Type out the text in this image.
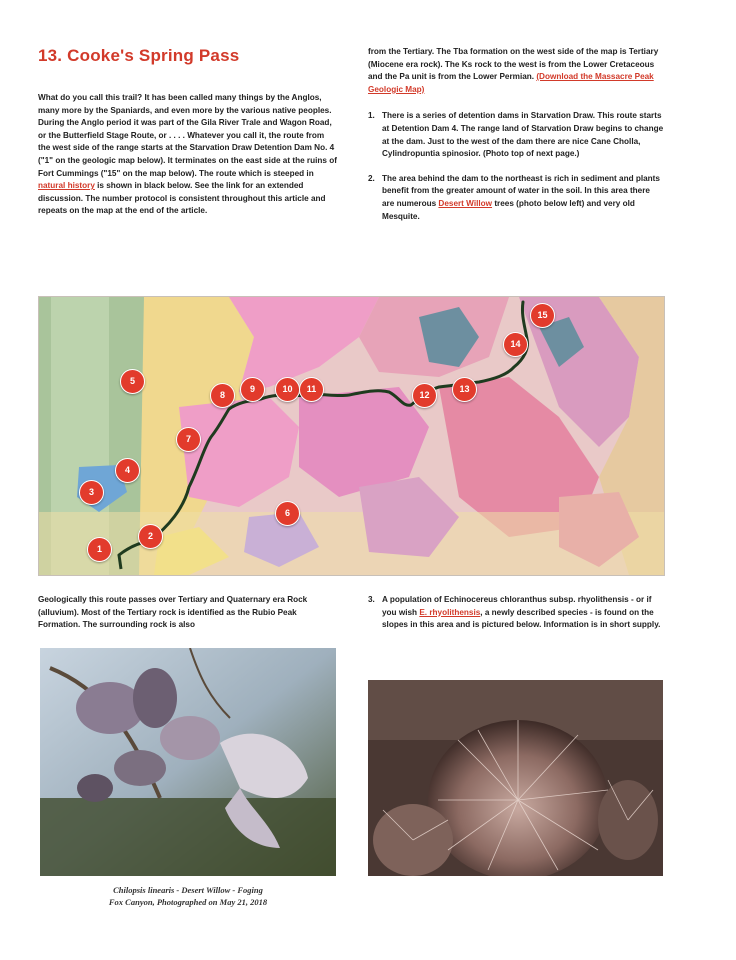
13. Cooke's Spring Pass

What do you call this trail? It has been called many things by the Anglos, many more by the Spaniards, and even more by the various native peoples. During the Anglo period it was part of the Gila River Trale and Wagon Road, or the Butterfield Stage Route, or . . . . Whatever you call it, the route from the west side of the range starts at the Starvation Draw Detention Dam No. 4 ("1" on the geologic map below). It terminates on the east side at the ruins of Fort Cummings ("15" on the map below). The route which is steeped in natural history is shown in black below. See the link for an extended discussion. The number protocol is consistent throughout this article and repeats on the map at the end of the article.

from the Tertiary. The Tba formation on the west side of the map is Tertiary (Miocene era rock). The Ks rock to the west is from the Lower Cretaceous and the Pa unit is from the Lower Permian. (Download the Massacre Peak Geologic Map)

1. There is a series of detention dams in Starvation Draw. This route starts at Detention Dam 4. The range land of Starvation Draw begins to change at the dam. Just to the west of the dam there are nice Cane Cholla, Cylindropuntia spinosior. (Photo top of next page.)
2. The area behind the dam to the northeast is rich in sediment and plants benefit from the greater amount of water in the soil. In this area there are numerous Desert Willow trees (photo below left) and very old Mesquite.
1
2
3
4
5
6
7
8
9	10	11
12
13
14
15

Geologically this route passes over Tertiary and Quaternary era Rock (alluvium). Most of the Tertiary rock is identified as the Rubio Peak Formation. The surrounding rock is also

3. A population of Echinocereus chloranthus subsp. rhyolithensis - or if you wish E. rhyolithensis, a newly described species - is found on the slopes in this area and is pictured below. Information is in short supply.
Chilopsis linearis - Desert Willow - Foging
Fox Canyon, Photographed on May 21, 2018
